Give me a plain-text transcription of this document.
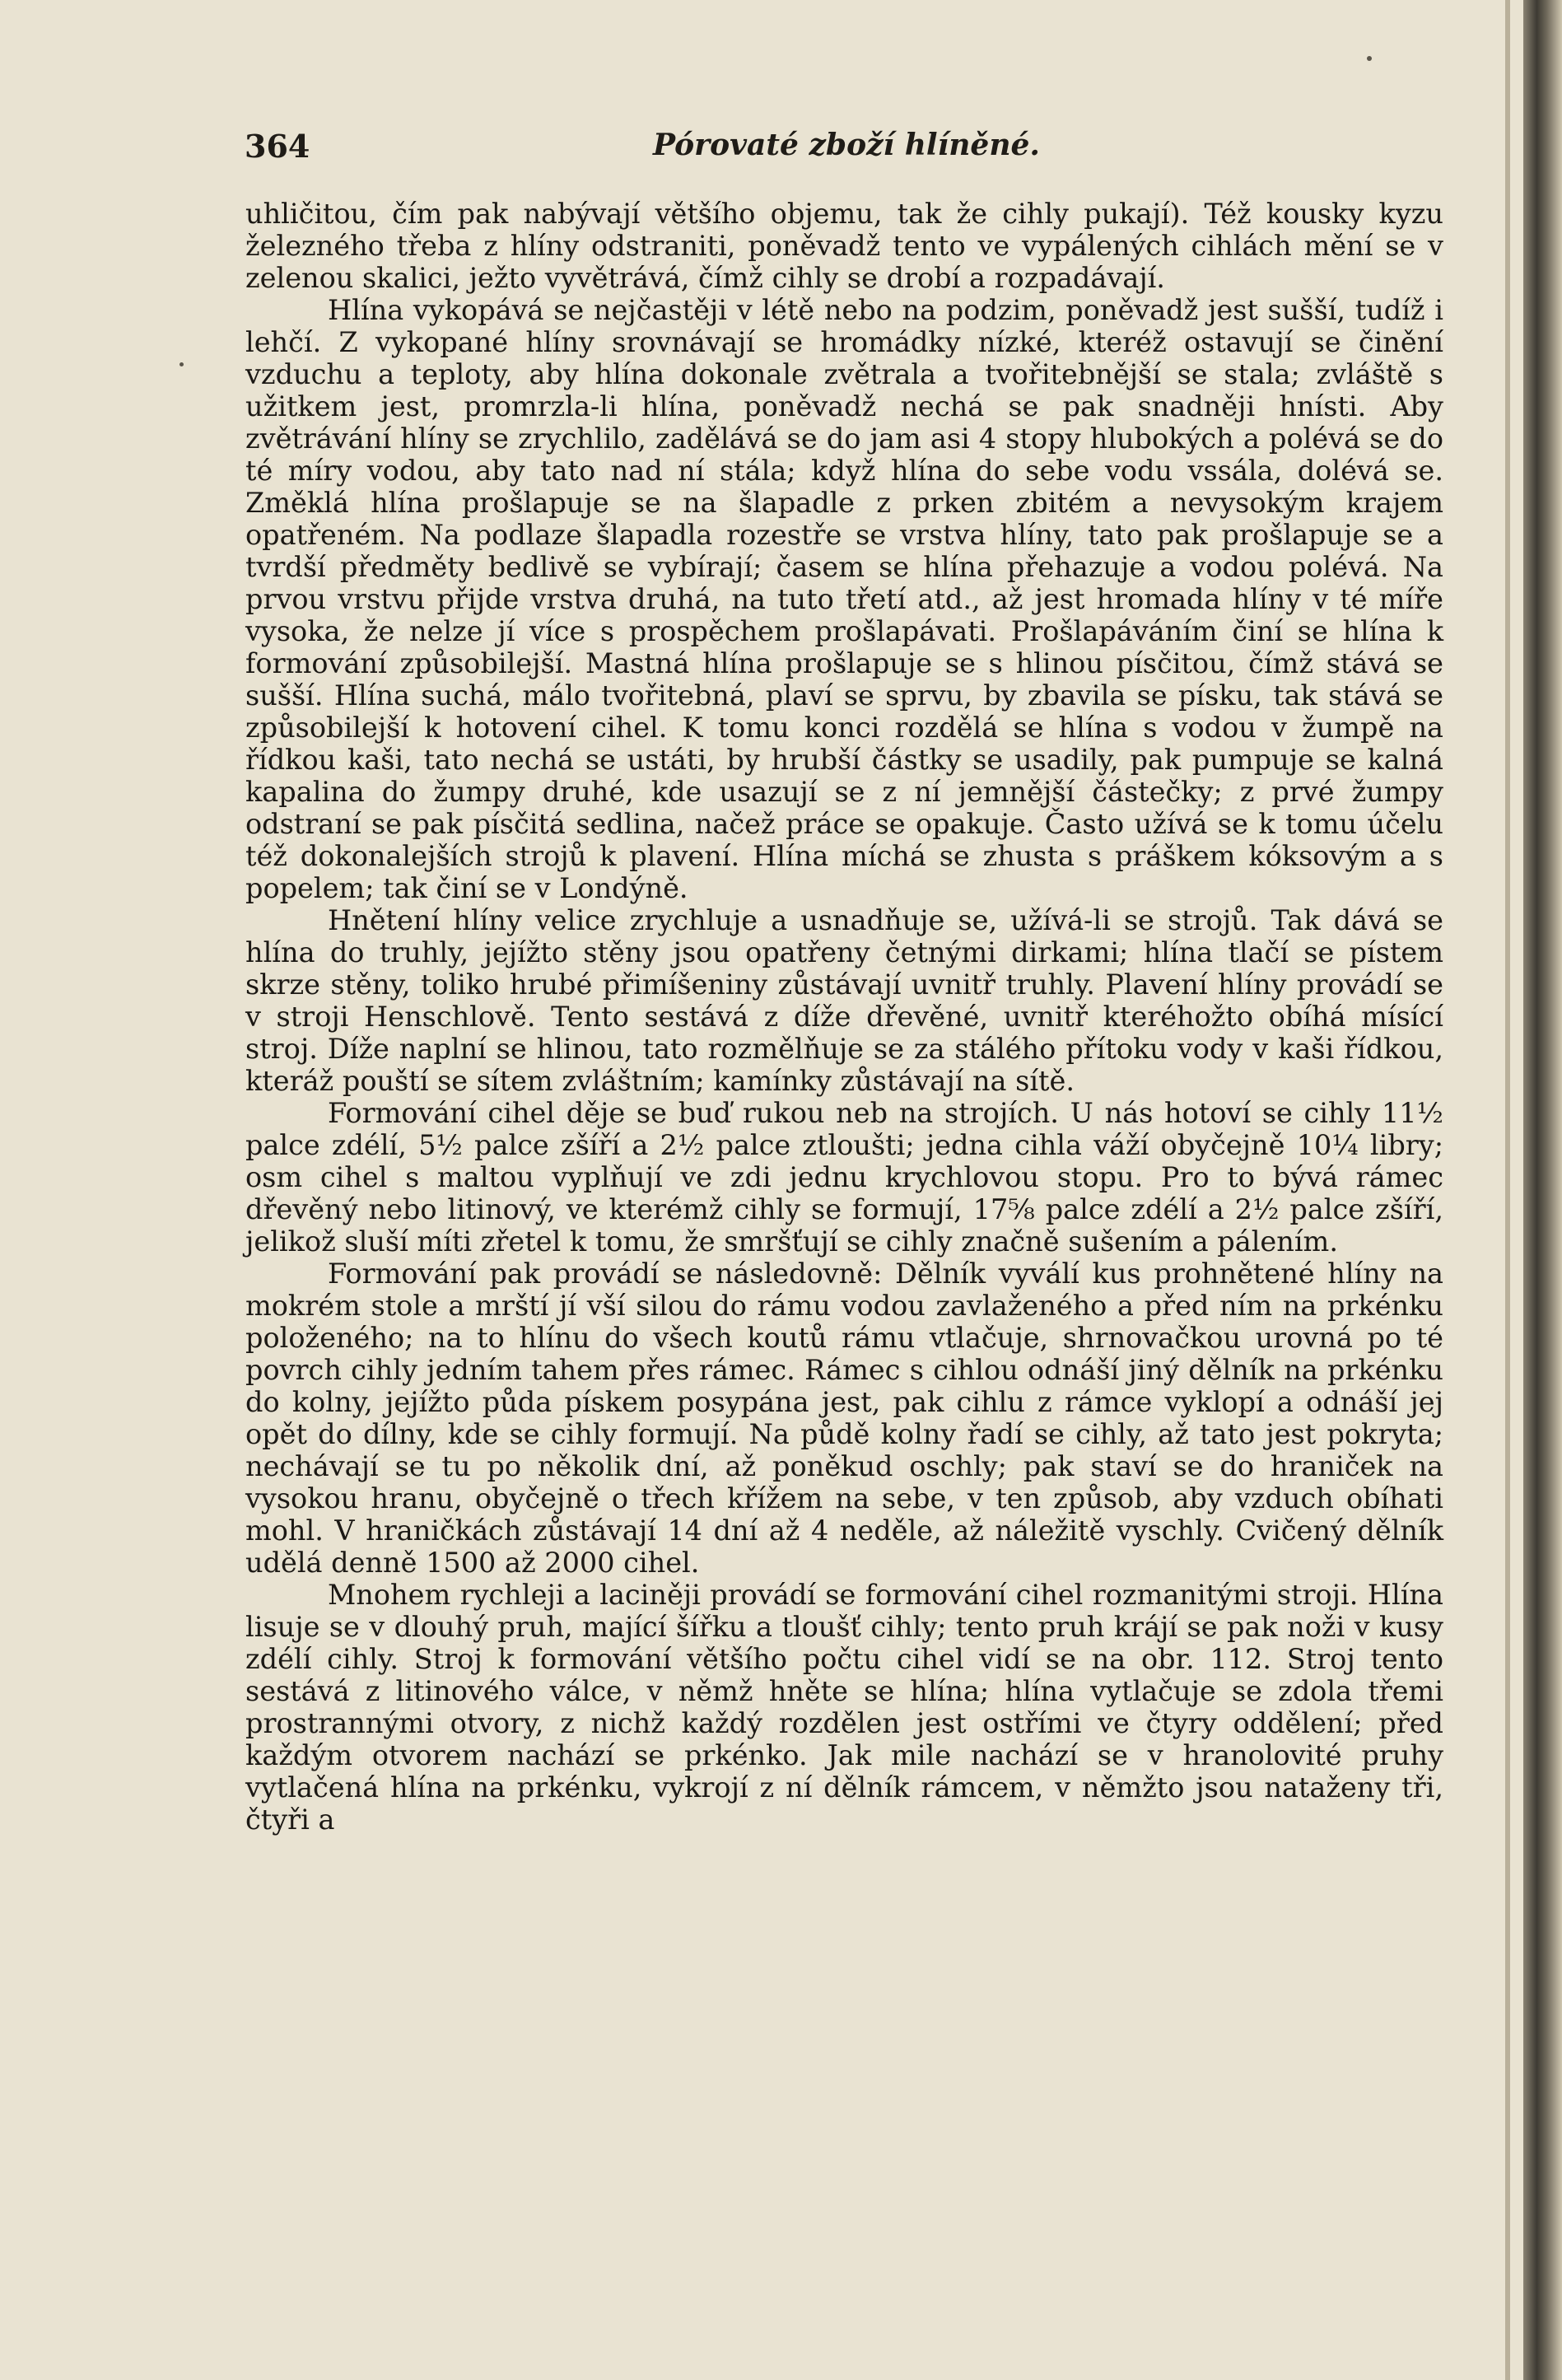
364	Pórovaté zboží hlíněné.

uhličitou, čím pak nabývají většího objemu, tak že cihly pukají). Též kousky kyzu železného třeba z hlíny odstraniti, poněvadž tento ve vypálených cihlách mění se v zelenou skalici, ježto vyvětrává, čímž cihly se drobí a rozpadávají.

Hlína vykopává se nejčastěji v létě nebo na podzim, poněvadž jest sušší, tudíž i lehčí. Z vykopané hlíny srovnávají se hromádky nízké, kteréž ostavují se činění vzduchu a teploty, aby hlína dokonale zvětrala a tvořitebnější se stala; zvláště s užitkem jest, promrzla-li hlína, poněvadž nechá se pak snadněji hnísti. Aby zvětrávání hlíny se zrychlilo, zadělává se do jam asi 4 stopy hlubokých a polévá se do té míry vodou, aby tato nad ní stála; když hlína do sebe vodu vssála, dolévá se. Změklá hlína prošlapuje se na šlapadle z prken zbitém a nevysokým krajem opatřeném. Na podlaze šlapadla rozestře se vrstva hlíny, tato pak prošlapuje se a tvrdší předměty bedlivě se vybírají; časem se hlína přehazuje a vodou polévá. Na prvou vrstvu přijde vrstva druhá, na tuto třetí atd., až jest hromada hlíny v té míře vysoka, že nelze jí více s prospěchem prošlapávati. Prošlapáváním činí se hlína k formování způsobilejší. Mastná hlína prošlapuje se s hlinou písčitou, čímž stává se sušší. Hlína suchá, málo tvořitebná, plaví se sprvu, by zbavila se písku, tak stává se způsobilejší k hotovení cihel. K tomu konci rozdělá se hlína s vodou v žumpě na řídkou kaši, tato nechá se ustáti, by hrubší částky se usadily, pak pumpuje se kalná kapalina do žumpy druhé, kde usazují se z ní jemnější částečky; z prvé žumpy odstraní se pak písčitá sedlina, načež práce se opakuje. Často užívá se k tomu účelu též dokonalejších strojů k plavení. Hlína míchá se zhusta s práškem kóksovým a s popelem; tak činí se v Londýně.

Hnětení hlíny velice zrychluje a usnadňuje se, užívá-li se strojů. Tak dává se hlína do truhly, jejížto stěny jsou opatřeny četnými dirkami; hlína tlačí se pístem skrze stěny, toliko hrubé přimíšeniny zůstávají uvnitř truhly. Plavení hlíny provádí se v stroji Henschlově. Tento sestává z díže dřevěné, uvnitř kteréhožto obíhá mísící stroj. Díže naplní se hlinou, tato rozmělňuje se za stálého přítoku vody v kaši řídkou, kteráž pouští se sítem zvláštním; kamínky zůstávají na sítě.

Formování cihel děje se buď rukou neb na strojích. U nás hotoví se cihly 11½ palce zdélí, 5½ palce zšíří a 2½ palce ztloušti; jedna cihla váží obyčejně 10¼ libry; osm cihel s maltou vyplňují ve zdi jednu krychlovou stopu. Pro to bývá rámec dřevěný nebo litinový, ve kterémž cihly se formují, 17⅝ palce zdélí a 2½ palce zšíří, jelikož sluší míti zřetel k tomu, že smršťují se cihly značně sušením a pálením.

Formování pak provádí se následovně: Dělník vyválí kus prohnětené hlíny na mokrém stole a mrští jí vší silou do rámu vodou zavlaženého a před ním na prkénku položeného; na to hlínu do všech koutů rámu vtlačuje, shrnovačkou urovná po té povrch cihly jedním tahem přes rámec. Rámec s cihlou odnáší jiný dělník na prkénku do kolny, jejížto půda pískem posypána jest, pak cihlu z rámce vyklopí a odnáší jej opět do dílny, kde se cihly formují. Na půdě kolny řadí se cihly, až tato jest pokryta; nechávají se tu po několik dní, až poněkud oschly; pak staví se do hraniček na vysokou hranu, obyčejně o třech křížem na sebe, v ten způsob, aby vzduch obíhati mohl. V hraničkách zůstávají 14 dní až 4 neděle, až náležitě vyschly. Cvičený dělník udělá denně 1500 až 2000 cihel.

Mnohem rychleji a laciněji provádí se formování cihel rozmanitými stroji. Hlína lisuje se v dlouhý pruh, mající šířku a tloušť cihly; tento pruh krájí se pak noži v kusy zdélí cihly. Stroj k formování většího počtu cihel vidí se na obr. 112. Stroj tento sestává z litinového válce, v němž hněte se hlína; hlína vytlačuje se zdola třemi prostrannými otvory, z nichž každý rozdělen jest ostřími ve čtyry oddělení; před každým otvorem nachází se prkénko. Jak mile nachází se v hranolovité pruhy vytlačená hlína na prkénku, vykrojí z ní dělník rámcem, v němžto jsou nataženy tři, čtyři a
